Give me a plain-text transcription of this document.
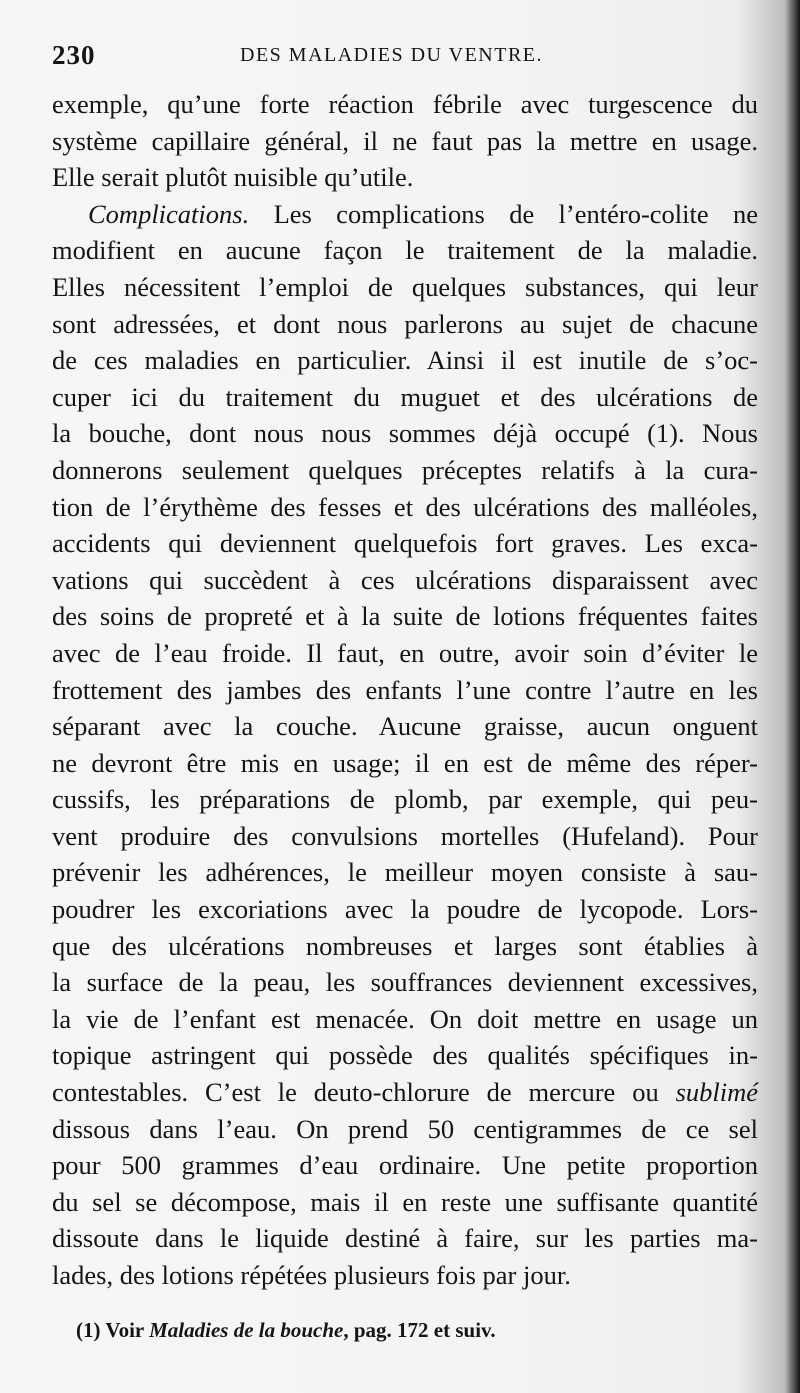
230	DES MALADIES DU VENTRE.
exemple, qu’une forte réaction fébrile avec turgescence du
système capillaire général, il ne faut pas la mettre en usage.
Elle serait plutôt nuisible qu’utile.
Complications. Les complications de l’entéro-colite ne
modifient en aucune façon le traitement de la maladie.
Elles nécessitent l’emploi de quelques substances, qui leur
sont adressées, et dont nous parlerons au sujet de chacune
de ces maladies en particulier. Ainsi il est inutile de s’oc-
cuper ici du traitement du muguet et des ulcérations de
la bouche, dont nous nous sommes déjà occupé (1). Nous
donnerons seulement quelques préceptes relatifs à la cura-
tion de l’érythème des fesses et des ulcérations des malléoles,
accidents qui deviennent quelquefois fort graves. Les exca-
vations qui succèdent à ces ulcérations disparaissent avec
des soins de propreté et à la suite de lotions fréquentes faites
avec de l’eau froide. Il faut, en outre, avoir soin d’éviter le
frottement des jambes des enfants l’une contre l’autre en les
séparant avec la couche. Aucune graisse, aucun onguent
ne devront être mis en usage; il en est de même des réper-
cussifs, les préparations de plomb, par exemple, qui peu-
vent produire des convulsions mortelles (Hufeland). Pour
prévenir les adhérences, le meilleur moyen consiste à sau-
poudrer les excoriations avec la poudre de lycopode. Lors-
que des ulcérations nombreuses et larges sont établies à
la surface de la peau, les souffrances deviennent excessives,
la vie de l’enfant est menacée. On doit mettre en usage un
topique astringent qui possède des qualités spécifiques in-
contestables. C’est le deuto-chlorure de mercure ou sublimé
dissous dans l’eau. On prend 50 centigrammes de ce sel
pour 500 grammes d’eau ordinaire. Une petite proportion
du sel se décompose, mais il en reste une suffisante quantité
dissoute dans le liquide destiné à faire, sur les parties ma-
lades, des lotions répétées plusieurs fois par jour.
(1) Voir Maladies de la bouche, pag. 172 et suiv.
